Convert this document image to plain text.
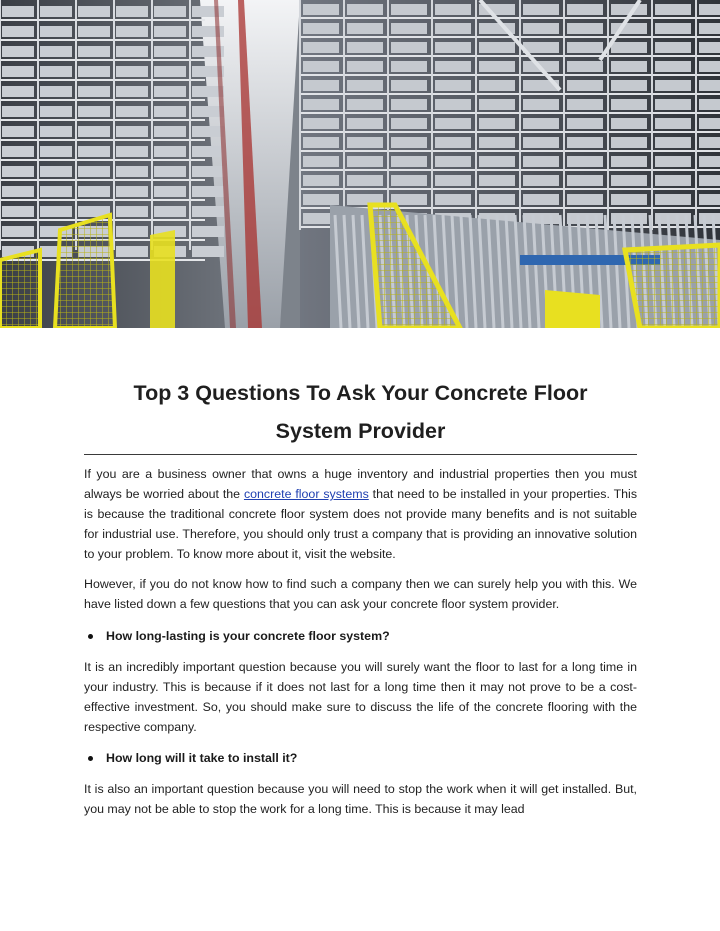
Top 3 Questions To Ask Your Concrete Floor
System Provider

If you are a business owner that owns a huge inventory and industrial properties then you must always be worried about the concrete floor systems that need to be installed in your properties. This is because the traditional concrete floor system does not provide many benefits and is not suitable for industrial use. Therefore, you should only trust a company that is providing an innovative solution to your problem. To know more about it, visit the website.

However, if you do not know how to find such a company then we can surely help you with this. We have listed down a few questions that you can ask your concrete floor system provider.

How long-lasting is your concrete floor system?

It is an incredibly important question because you will surely want the floor to last for a long time in your industry. This is because if it does not last for a long time then it may not prove to be a cost-effective investment. So, you should make sure to discuss the life of the concrete flooring with the respective company.

How long will it take to install it?

It is also an important question because you will need to stop the work when it will get installed. But, you may not be able to stop the work for a long time. This is because it may lead
